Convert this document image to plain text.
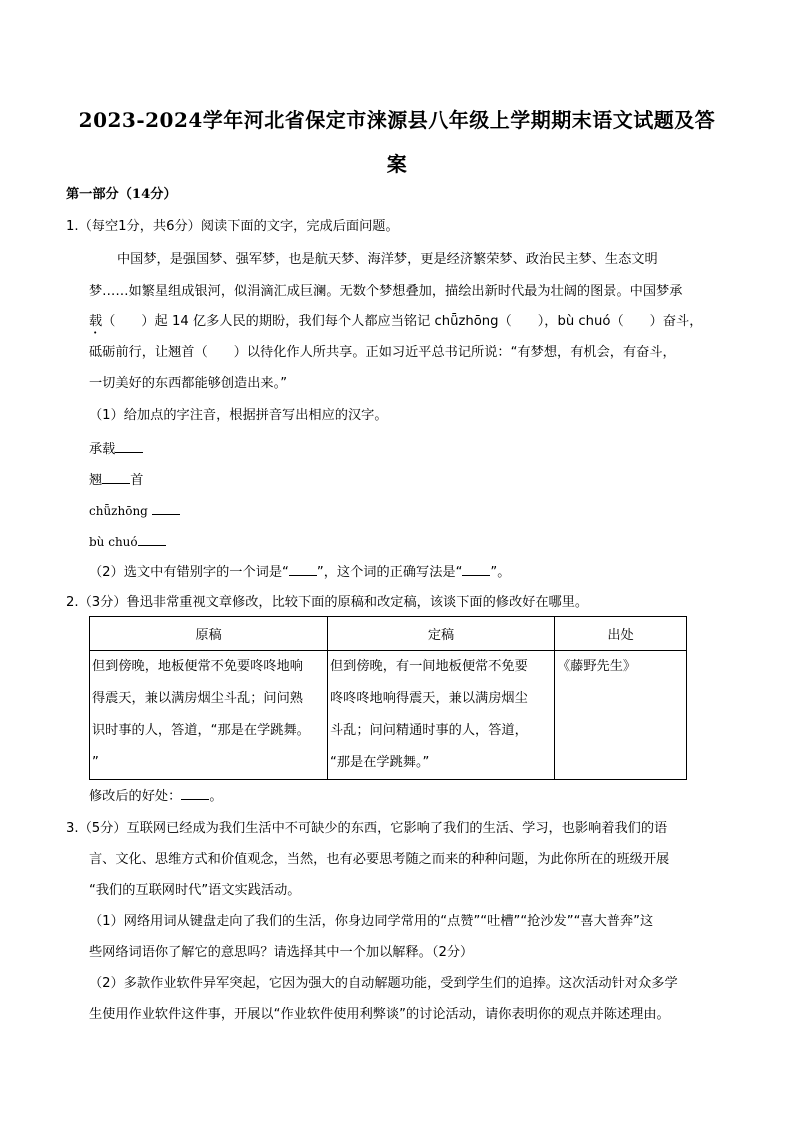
2023-2024学年河北省保定市涞源县八年级上学期期末语文试题及答
案
第一部分（14分）
1.（每空1分，共6分）阅读下面的文字，完成后面问题。
中国梦，是强国梦、强军梦，也是航天梦、海洋梦，更是经济繁荣梦、政治民主梦、生态文明
梦……如繁星组成银河，似涓滴汇成巨澜。无数个梦想叠加，描绘出新时代最为壮阔的图景。中国梦承
载（ ）起 14 亿多人民的期盼，我们每个人都应当铭记 chǖzhōng（ ），bù chuó（ ）奋斗，
砥砺前行，让翘首（ ）以待化作人所共享。正如习近平总书记所说：“有梦想，有机会，有奋斗，
一切美好的东西都能够创造出来。”
（1）给加点的字注音，根据拼音写出相应的汉字。
承载
翘 首
chǖzhōng
bù chuó
（2）选文中有错别字的一个词是“ ”，这个词的正确写法是“ ”。
2.（3分）鲁迅非常重视文章修改，比较下面的原稿和改定稿，该谈下面的修改好在哪里。
原稿	定稿	出处

但到傍晚，地板便常不免要咚咚地响
得震天，兼以满房烟尘斗乱；问问熟
识时事的人，答道，“那是在学跳舞。
”

但到傍晚，有一间地板便常不免要
咚咚咚地响得震天，兼以满房烟尘
斗乱；问问精通时事的人，答道，
“那是在学跳舞。”

《藤野先生》
修改后的好处： 。
3.（5分）互联网已经成为我们生活中不可缺少的东西，它影响了我们的生活、学习，也影响着我们的语
言、文化、思维方式和价值观念，当然，也有必要思考随之而来的种种问题，为此你所在的班级开展
“我们的互联网时代”语文实践活动。
（1）网络用词从键盘走向了我们的生活，你身边同学常用的“点赞”“吐槽”“抢沙发”“喜大普奔”这
些网络词语你了解它的意思吗？请选择其中一个加以解释。（2分）
（2）多款作业软件异军突起，它因为强大的自动解题功能，受到学生们的追捧。这次活动针对众多学
生使用作业软件这件事，开展以“作业软件使用利弊谈”的讨论活动，请你表明你的观点并陈述理由。
